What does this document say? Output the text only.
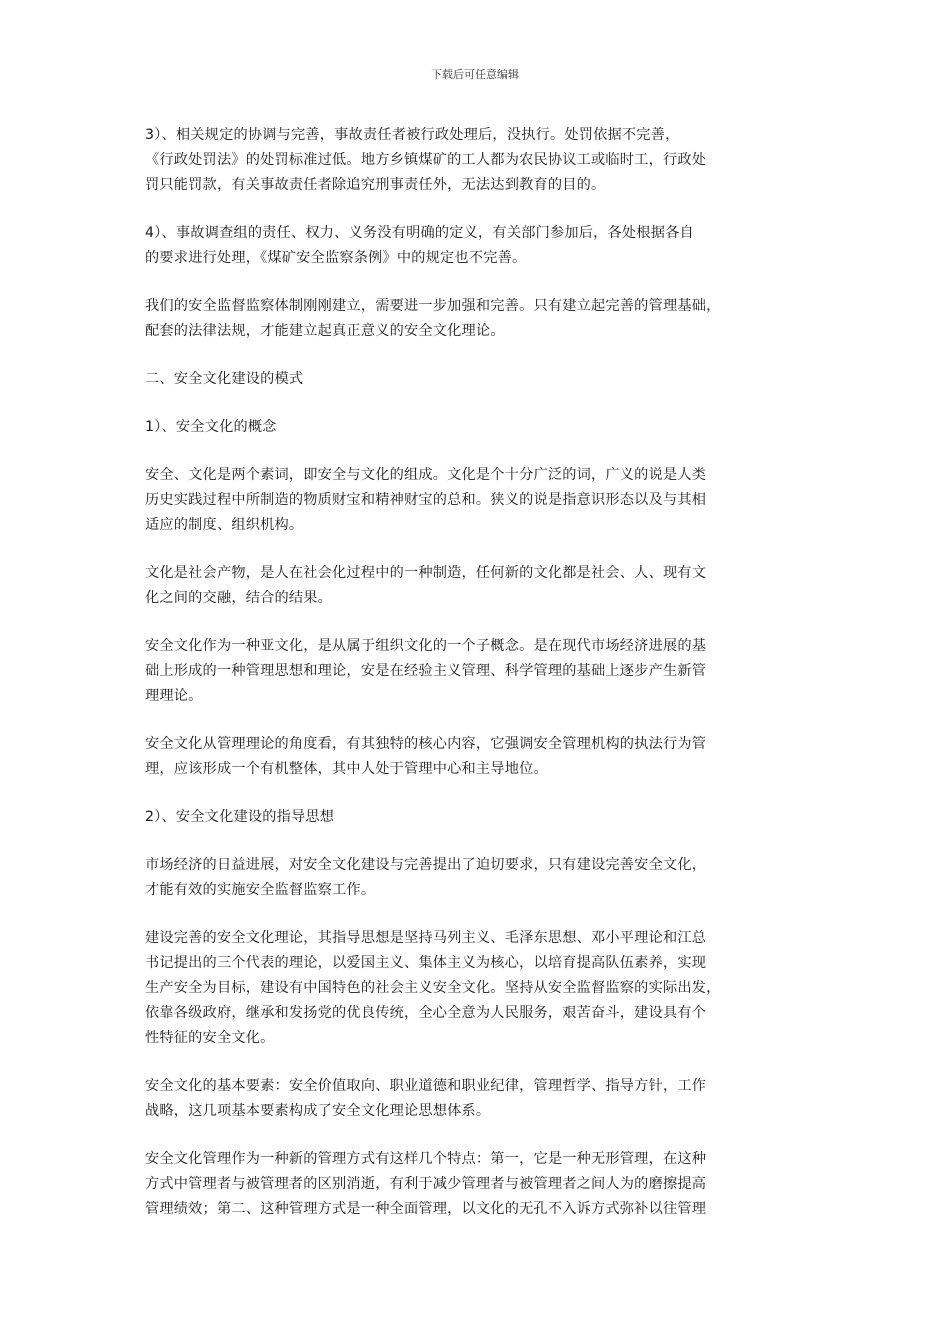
下载后可任意编辑
3）、相关规定的协调与完善，事故责任者被行政处理后，没执行。处罚依据不完善，
《行政处罚法》的处罚标准过低。地方乡镇煤矿的工人都为农民协议工或临时工，行政处
罚只能罚款，有关事故责任者除追究刑事责任外，无法达到教育的目的。
4）、事故调查组的责任、权力、义务没有明确的定义，有关部门参加后，各处根据各自
的要求进行处理，《煤矿安全监察条例》中的规定也不完善。
我们的安全监督监察体制刚刚建立，需要进一步加强和完善。只有建立起完善的管理基础，
配套的法律法规，才能建立起真正意义的安全文化理论。
二、安全文化建设的模式
1）、安全文化的概念
安全、文化是两个素词，即安全与文化的组成。文化是个十分广泛的词，广义的说是人类
历史实践过程中所制造的物质财宝和精神财宝的总和。狭义的说是指意识形态以及与其相
适应的制度、组织机构。
文化是社会产物，是人在社会化过程中的一种制造，任何新的文化都是社会、人、现有文
化之间的交融，结合的结果。
安全文化作为一种亚文化，是从属于组织文化的一个子概念。是在现代市场经济进展的基
础上形成的一种管理思想和理论，安是在经验主义管理、科学管理的基础上逐步产生新管
理理论。
安全文化从管理理论的角度看，有其独特的核心内容，它强调安全管理机构的执法行为管
理，应该形成一个有机整体，其中人处于管理中心和主导地位。
2）、安全文化建设的指导思想
市场经济的日益进展，对安全文化建设与完善提出了迫切要求，只有建设完善安全文化，
才能有效的实施安全监督监察工作。
建设完善的安全文化理论，其指导思想是坚持马列主义、毛泽东思想、邓小平理论和江总
书记提出的三个代表的理论，以爱国主义、集体主义为核心，以培育提高队伍素养，实现
生产安全为目标，建设有中国特色的社会主义安全文化。坚持从安全监督监察的实际出发，
依靠各级政府，继承和发扬党的优良传统，全心全意为人民服务，艰苦奋斗，建设具有个
性特征的安全文化。
安全文化的基本要素：安全价值取向、职业道德和职业纪律，管理哲学、指导方针，工作
战略，这几项基本要素构成了安全文化理论思想体系。
安全文化管理作为一种新的管理方式有这样几个特点：第一，它是一种无形管理，在这种
方式中管理者与被管理者的区别消逝，有利于减少管理者与被管理者之间人为的磨擦提高
管理绩效；第二、这种管理方式是一种全面管理，以文化的无孔不入诉方式弥补以往管理
